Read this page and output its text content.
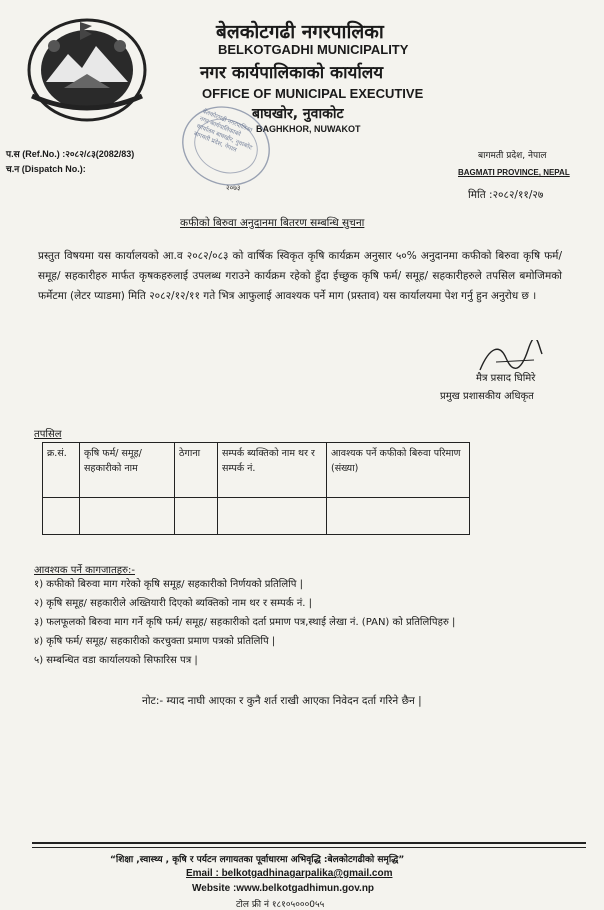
बेलकोटगढी नगरपालिका
BELKOTGADHI MUNICIPALITY
नगर कार्यपालिकाको कार्यालय
OFFICE OF MUNICIPAL EXECUTIVE
बाघखोर, नुवाकोट
BAGHKHOR, NUWAKOT
बेलकोटगढी नगरपालिका नगर कार्यपालिकाको कार्यालय बाघखोर, नुवाकोट बागमती प्रदेश, नेपाल
२०७३
प.स (Ref.No.) :२०८२/८३(2082/83)
च.न (Dispatch No.):
बागमती प्रदेश, नेपाल
BAGMATI PROVINCE, NEPAL
मिति :२०८२/११/२७
कफीको बिरुवा अनुदानमा बितरण सम्बन्धि सुचना
प्रस्तुत विषयमा यस कार्यालयको आ.व २०८२/०८३ को वार्षिक स्विकृत कृषि कार्यक्रम अनुसार ५०% अनुदानमा कफीको बिरुवा कृषि फर्म/ समूह/ सहकारीहरु मार्फत कृषकहरुलाई उपलब्ध गराउने कार्यक्रम रहेको हुँदा ईच्छुक कृषि फर्म/ समूह/ सहकारीहरुले तपसिल बमोजिमको फर्मेटमा (लेटर प्याडमा) मिति २०८२/१२/११ गते भित्र आफुलाई आवश्यक पर्ने माग (प्रस्ताव) यस कार्यालयमा पेश गर्नु हुन अनुरोध छ ।
मैत्र प्रसाद घिमिरे
प्रमुख प्रशासकीय अधिकृत
तपसिल
क्र.सं.	कृषि फर्म/ समूह/ सहकारीको नाम	ठेगाना	सम्पर्क ब्यक्तिको नाम थर र सम्पर्क नं.	आवश्यक पर्ने कफीको बिरुवा परिमाण (संख्या)

आवश्यक पर्ने कागजातहरु:-
१) कफीको बिरुवा माग गरेको कृषि समूह/ सहकारीको निर्णयको प्रतिलिपि |
२) कृषि समूह/ सहकारीले अख्तियारी दिएको ब्यक्तिको नाम थर र सम्पर्क नं. |
३) फलफूलको बिरुवा माग गर्ने कृषि फर्म/ समूह/ सहकारीको दर्ता प्रमाण पत्र,स्थाई लेखा नं. (PAN) को प्रतिलिपिहरु |
४) कृषि फर्म/ समूह/ सहकारीको करचुक्ता प्रमाण पत्रको प्रतिलिपि |
५) सम्बन्धित वडा कार्यालयको सिफारिस पत्र |
नोट:- म्याद नाघी आएका र कुनै शर्त राखी आएका निवेदन दर्ता गरिने छैन |
“शिक्षा ,स्वास्थ्य , कृषि र पर्यटन लगायतका पूर्वाधारमा अभिवृद्धि :बेलकोटगढीको समृद्धि”
Email : belkotgadhinagarpalika@gmail.com
Website :www.belkotgadhimun.gov.np
टोल फ्री नं १८१०५०००0५५
